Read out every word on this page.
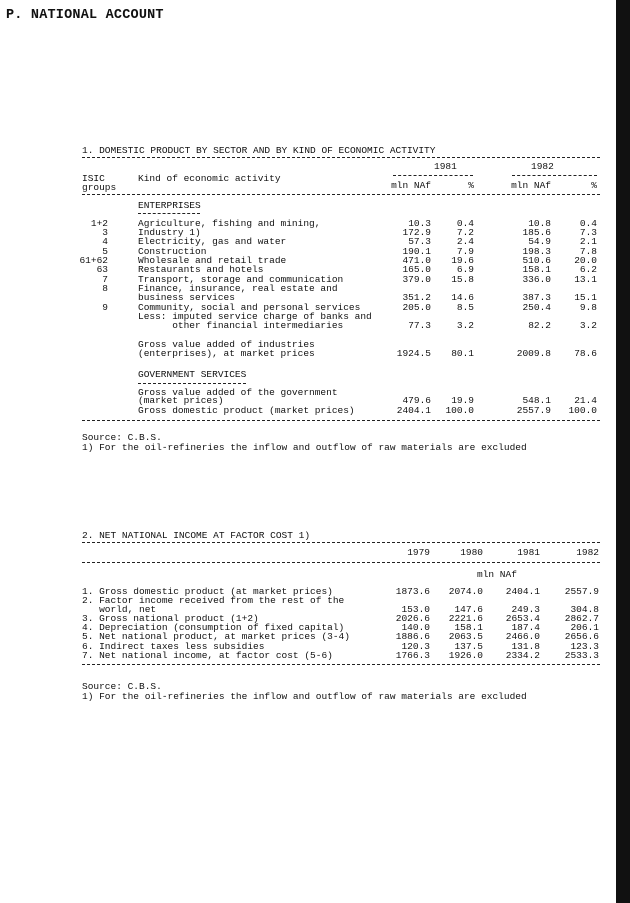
P. NATIONAL ACCOUNT
1. DOMESTIC PRODUCT BY SECTOR AND BY KIND OF ECONOMIC ACTIVITY
1981	1982
ISIC
groups
Kind of economic activity
mln NAf	%	mln NAf	%
ENTERPRISES
GOVERNMENT SERVICES
Source: C.B.S.
1) For the oil-refineries the inflow and outflow of raw materials are excluded
1+2	Agriculture, fishing and mining,	10.3	0.4	10.8	0.4
3	Industry 1)	172.9	7.2	185.6	7.3
4	Electricity, gas and water	57.3	2.4	54.9	2.1
5	Construction	190.1	7.9	198.3	7.8
61+62	Wholesale and retail trade	471.0	19.6	510.6	20.0
63	Restaurants and hotels	165.0	6.9	158.1	6.2
7	Transport, storage and communication	379.0	15.8	336.0	13.1
8	Finance, insurance, real estate and
business services	351.2	14.6	387.3	15.1
9	Community, social and personal services	205.0	8.5	250.4	9.8
Less: imputed service charge of banks and
other financial intermediaries	77.3	3.2	82.2	3.2
Gross value added of industries
(enterprises), at market prices	1924.5	80.1	2009.8	78.6
Gross value added of the government
(market prices)	479.6	19.9	548.1	21.4
Gross domestic product (market prices)	2404.1	100.0	2557.9	100.0
2. NET NATIONAL INCOME AT FACTOR COST 1)
1979	1980	1981	1982
mln NAf
Source: C.B.S.
1) For the oil-refineries the inflow and outflow of raw materials are excluded
1. Gross domestic product (at market prices)	1873.6	2074.0	2404.1	2557.9
2. Factor income received from the rest of the
world, net	153.0	147.6	249.3	304.8
3. Gross national product (1+2)	2026.6	2221.6	2653.4	2862.7
4. Depreciation (consumption of fixed capital)	140.0	158.1	187.4	206.1
5. Net national product, at market prices (3-4)	1886.6	2063.5	2466.0	2656.6
6. Indirect taxes less subsidies	120.3	137.5	131.8	123.3
7. Net national income, at factor cost (5-6)	1766.3	1926.0	2334.2	2533.3
